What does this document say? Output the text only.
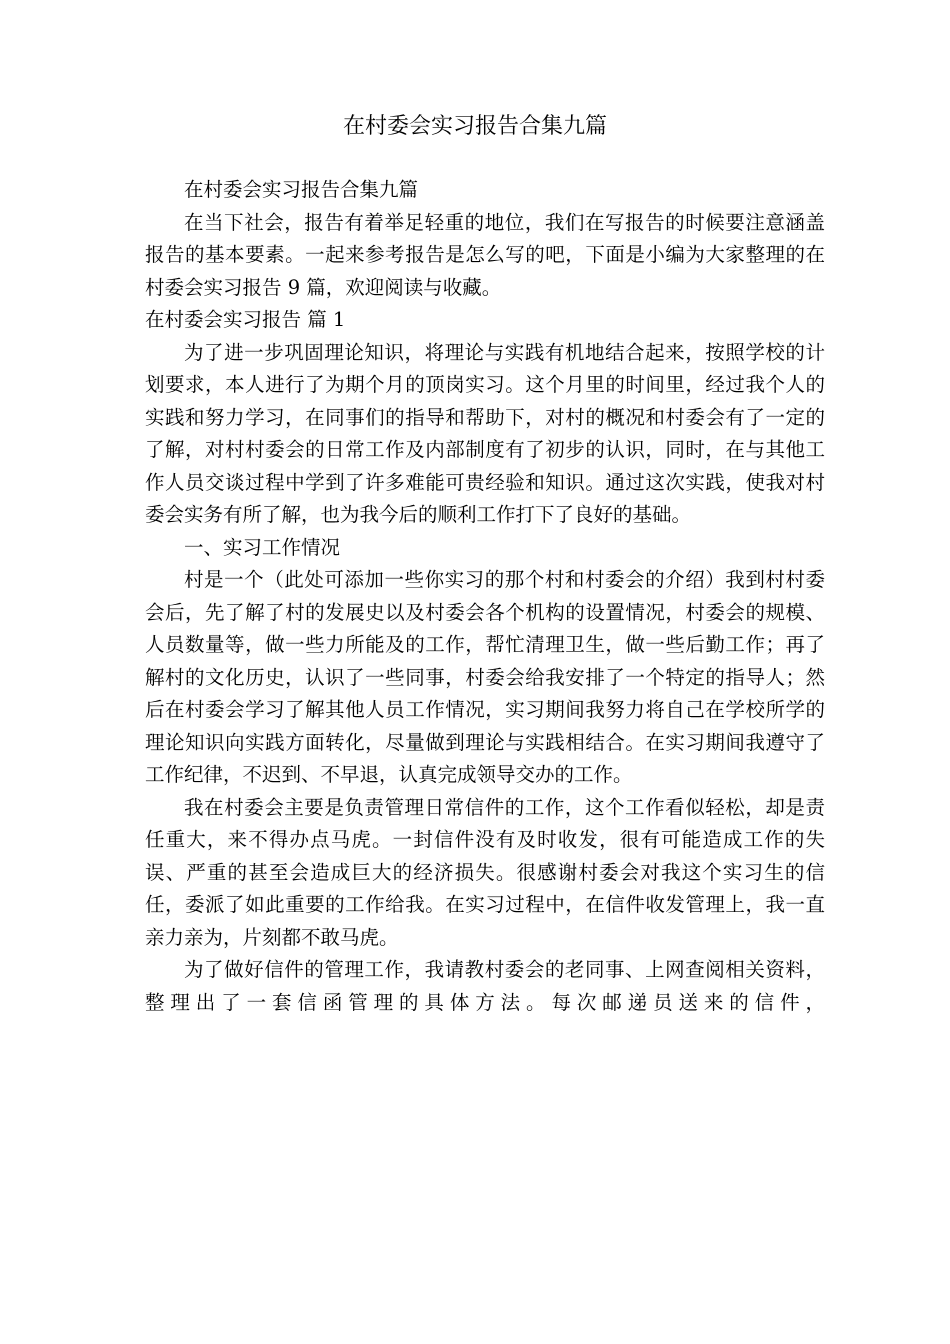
在村委会实习报告合集九篇

在村委会实习报告合集九篇

在当下社会，报告有着举足轻重的地位，我们在写报告的时候要注意涵盖报告的基本要素。一起来参考报告是怎么写的吧，下面是小编为大家整理的在村委会实习报告 9 篇，欢迎阅读与收藏。

在村委会实习报告 篇 1

为了进一步巩固理论知识，将理论与实践有机地结合起来，按照学校的计划要求，本人进行了为期个月的顶岗实习。这个月里的时间里，经过我个人的实践和努力学习，在同事们的指导和帮助下，对村的概况和村委会有了一定的了解，对村村委会的日常工作及内部制度有了初步的认识，同时，在与其他工作人员交谈过程中学到了许多难能可贵经验和知识。通过这次实践，使我对村委会实务有所了解，也为我今后的顺利工作打下了良好的基础。

一、实习工作情况

村是一个（此处可添加一些你实习的那个村和村委会的介绍）我到村村委会后，先了解了村的发展史以及村委会各个机构的设置情况，村委会的规模、人员数量等，做一些力所能及的工作，帮忙清理卫生，做一些后勤工作；再了解村的文化历史，认识了一些同事，村委会给我安排了一个特定的指导人；然后在村委会学习了解其他人员工作情况，实习期间我努力将自己在学校所学的理论知识向实践方面转化，尽量做到理论与实践相结合。在实习期间我遵守了工作纪律，不迟到、不早退，认真完成领导交办的工作。

我在村委会主要是负责管理日常信件的工作，这个工作看似轻松，却是责任重大，来不得办点马虎。一封信件没有及时收发，很有可能造成工作的失误、严重的甚至会造成巨大的经济损失。很感谢村委会对我这个实习生的信任，委派了如此重要的工作给我。在实习过程中，在信件收发管理上，我一直亲力亲为，片刻都不敢马虎。

为了做好信件的管理工作，我请教村委会的老同事、上网查阅相关资料，整理出了一套信函管理的具体方法。每次邮递员送来的信件，
